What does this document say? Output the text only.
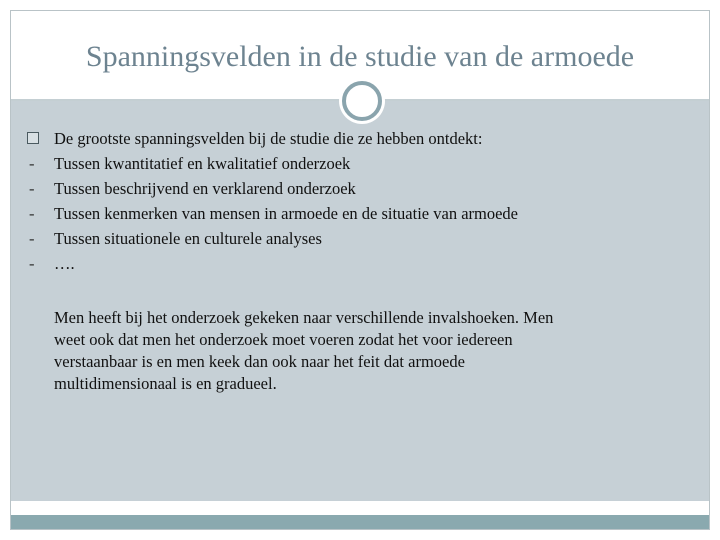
Spanningsvelden in de studie van de armoede
De grootste spanningsvelden bij de studie die ze hebben ontdekt:
-	Tussen kwantitatief en kwalitatief onderzoek
-	Tussen beschrijvend en verklarend onderzoek
-	Tussen kenmerken van mensen in armoede en de situatie van armoede
-	Tussen situationele en culturele analyses
-	….
Men heeft bij het onderzoek gekeken naar verschillende invalshoeken. Men
weet ook dat men het onderzoek moet voeren zodat het voor iedereen
verstaanbaar is en men keek dan ook naar het feit dat armoede
multidimensionaal is en gradueel.
